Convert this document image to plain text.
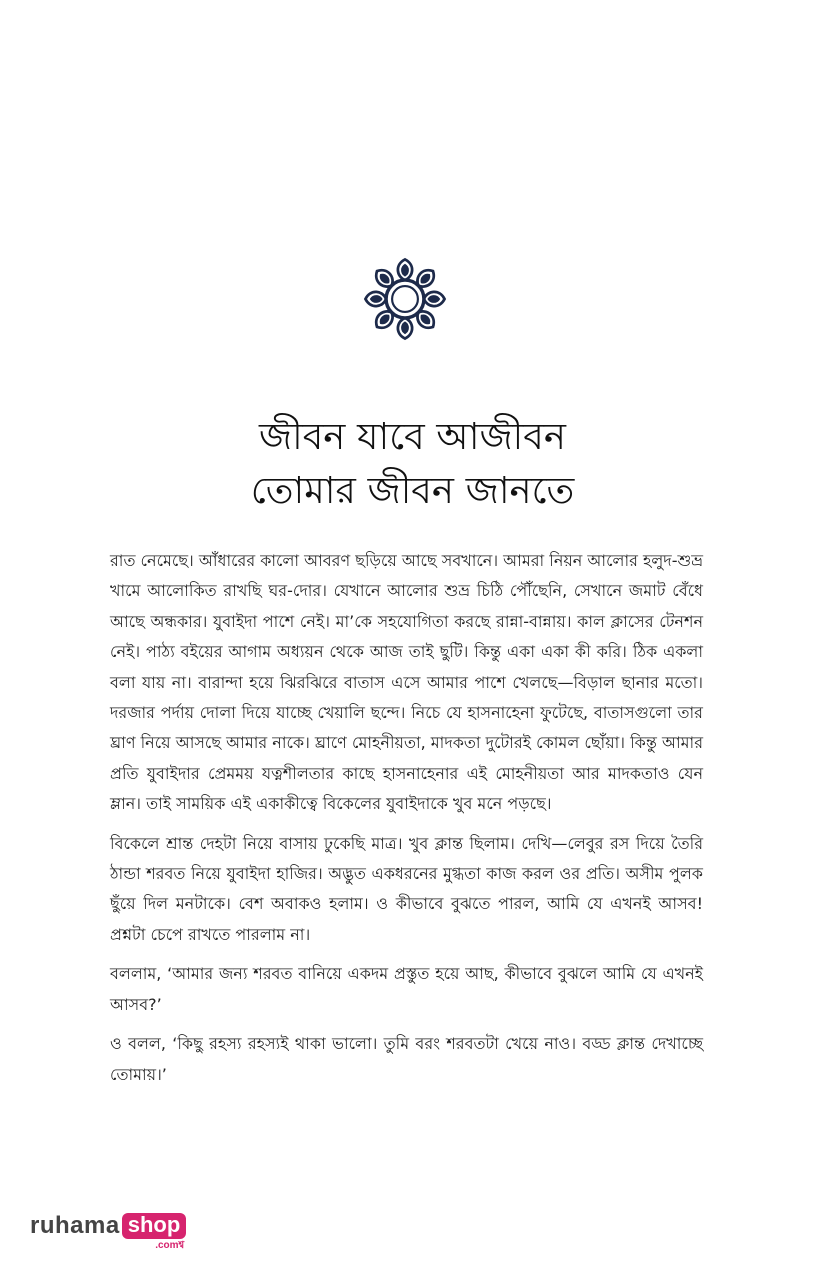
জীবন যাবে আজীবন
তোমার জীবন জানতে

রাত নেমেছে। আঁধারের কালো আবরণ ছড়িয়ে আছে সবখানে। আমরা নিয়ন আলোর হলুদ-শুভ্র খামে আলোকিত রাখছি ঘর-দোর। যেখানে আলোর শুভ্র চিঠি পৌঁছেনি, সেখানে জমাট বেঁধে আছে অন্ধকার। যুবাইদা পাশে নেই। মা’কে সহযোগিতা করছে রান্না-বান্নায়। কাল ক্লাসের টেনশন নেই। পাঠ্য বইয়ের আগাম অধ্যয়ন থেকে আজ তাই ছুটি। কিন্তু একা একা কী করি। ঠিক একলা বলা যায় না। বারান্দা হয়ে ঝিরঝিরে বাতাস এসে আমার পাশে খেলছে—বিড়াল ছানার মতো। দরজার পর্দায় দোলা দিয়ে যাচ্ছে খেয়ালি ছন্দে। নিচে যে হাসনাহেনা ফুটেছে, বাতাসগুলো তার ঘ্রাণ নিয়ে আসছে আমার নাকে। ঘ্রাণে মোহনীয়তা, মাদকতা দুটোরই কোমল ছোঁয়া। কিন্তু আমার প্রতি যুবাইদার প্রেমময় যত্নশীলতার কাছে হাসনাহেনার এই মোহনীয়তা আর মাদকতাও যেন ম্লান। তাই সাময়িক এই একাকীত্বে বিকেলের যুবাইদাকে খুব মনে পড়ছে।

বিকেলে শ্রান্ত দেহটা নিয়ে বাসায় ঢুকেছি মাত্র। খুব ক্লান্ত ছিলাম। দেখি—লেবুর রস দিয়ে তৈরি ঠান্ডা শরবত নিয়ে যুবাইদা হাজির। অদ্ভুত একধরনের মুগ্ধতা কাজ করল ওর প্রতি। অসীম পুলক ছুঁয়ে দিল মনটাকে। বেশ অবাকও হলাম। ও কীভাবে বুঝতে পারল, আমি যে এখনই আসব! প্রশ্নটা চেপে রাখতে পারলাম না।

বললাম, ‘আমার জন্য শরবত বানিয়ে একদম প্রস্তুত হয়ে আছ, কীভাবে বুঝলে আমি যে এখনই আসব?’

ও বলল, ‘কিছু রহস্য রহস্যই থাকা ভালো। তুমি বরং শরবতটা খেয়ে নাও। বড্ড ক্লান্ত দেখাচ্ছে তোমায়।’

ruhama shop
.comশ্ব
